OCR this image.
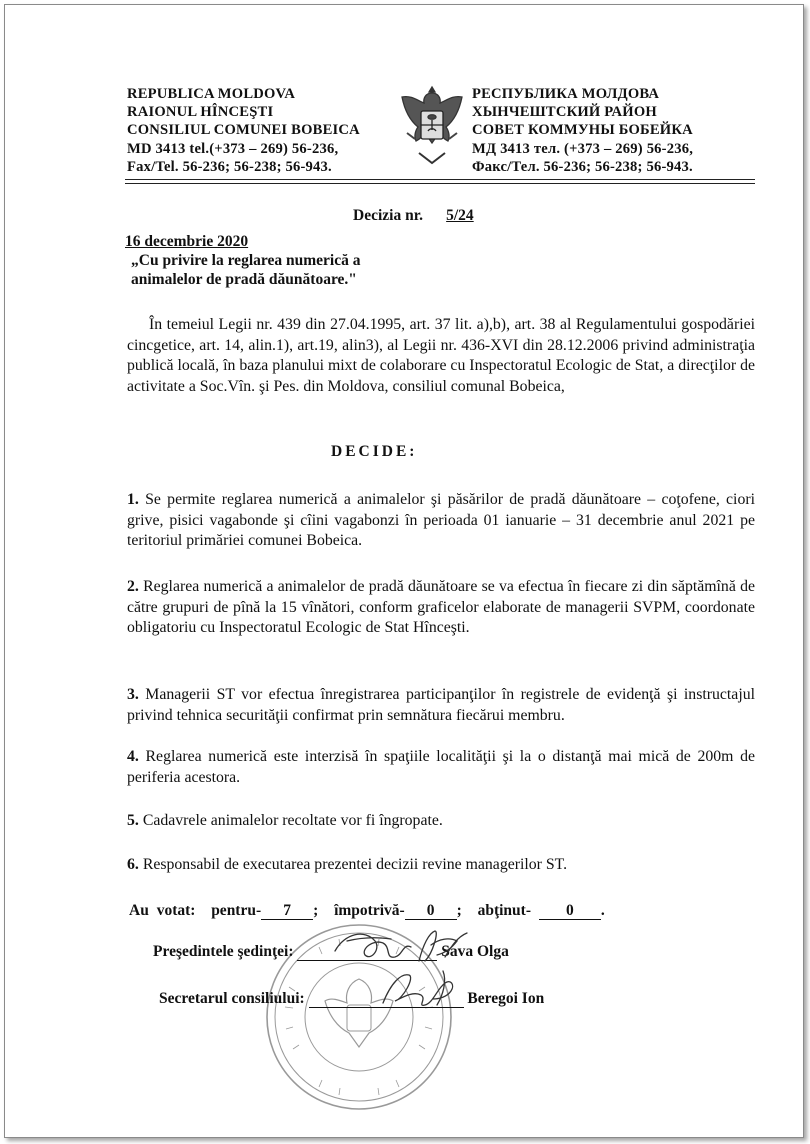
REPUBLICA MOLDOVA
RAIONUL HÎNCEŞTI
CONSILIUL COMUNEI BOBEICA
MD 3413 tel.(+373 – 269) 56-236,
Fax/Tel. 56-236; 56-238; 56-943.
РЕСПУБЛИКА МОЛДОВА
ХЫНЧЕШТСКИЙ РАЙОН
СОВЕТ КОММУНЫ БОБЕЙКА
МД 3413 тел. (+373 – 269) 56-236,
Факс/Тел. 56-236; 56-238; 56-943.
Decizia nr. 5/24
16 decembrie 2020
„Cu privire la reglarea numerică a
animalelor de pradă dăunătoare."
În temeiul Legii nr. 439 din 27.04.1995, art. 37 lit. a),b), art. 38 al Regulamentului gospodăriei cincgetice, art. 14, alin.1), art.19, alin3), al Legii nr. 436-XVI din 28.12.2006 privind administraţia publică locală, în baza planului mixt de colaborare cu Inspectoratul Ecologic de Stat, a direcţilor de activitate a Soc.Vîn. şi Pes. din Moldova, consiliul comunal Bobeica,
DECIDE:
1. Se permite reglarea numerică a animalelor şi păsărilor de pradă dăunătoare – coţofene, ciori grive, pisici vagabonde şi cîini vagabonzi în perioada 01 ianuarie – 31 decembrie anul 2021 pe teritoriul primăriei comunei Bobeica.
2. Reglarea numerică a animalelor de pradă dăunătoare se va efectua în fiecare zi din săptămînă de către grupuri de pînă la 15 vînători, conform graficelor elaborate de managerii SVPM, coordonate obligatoriu cu Inspectoratul Ecologic de Stat Hînceşti.
3. Managerii ST vor efectua înregistrarea participanţilor în registrele de evidenţă şi instructajul privind tehnica securităţii confirmat prin semnătura fiecărui membru.
4. Reglarea numerică este interzisă în spaţiile localităţii şi la o distanţă mai mică de 200m de periferia acestora.
5. Cadavrele animalelor recoltate vor fi îngropate.
6. Responsabil de executarea prezentei decizii revine managerilor ST.
Au votat: pentru- 7 ;  împotrivă- 0 ;  abţinut- 0 .
Preşedintele şedinţei:	Sava Olga
Secretarul consiliului:	Beregoi Ion
